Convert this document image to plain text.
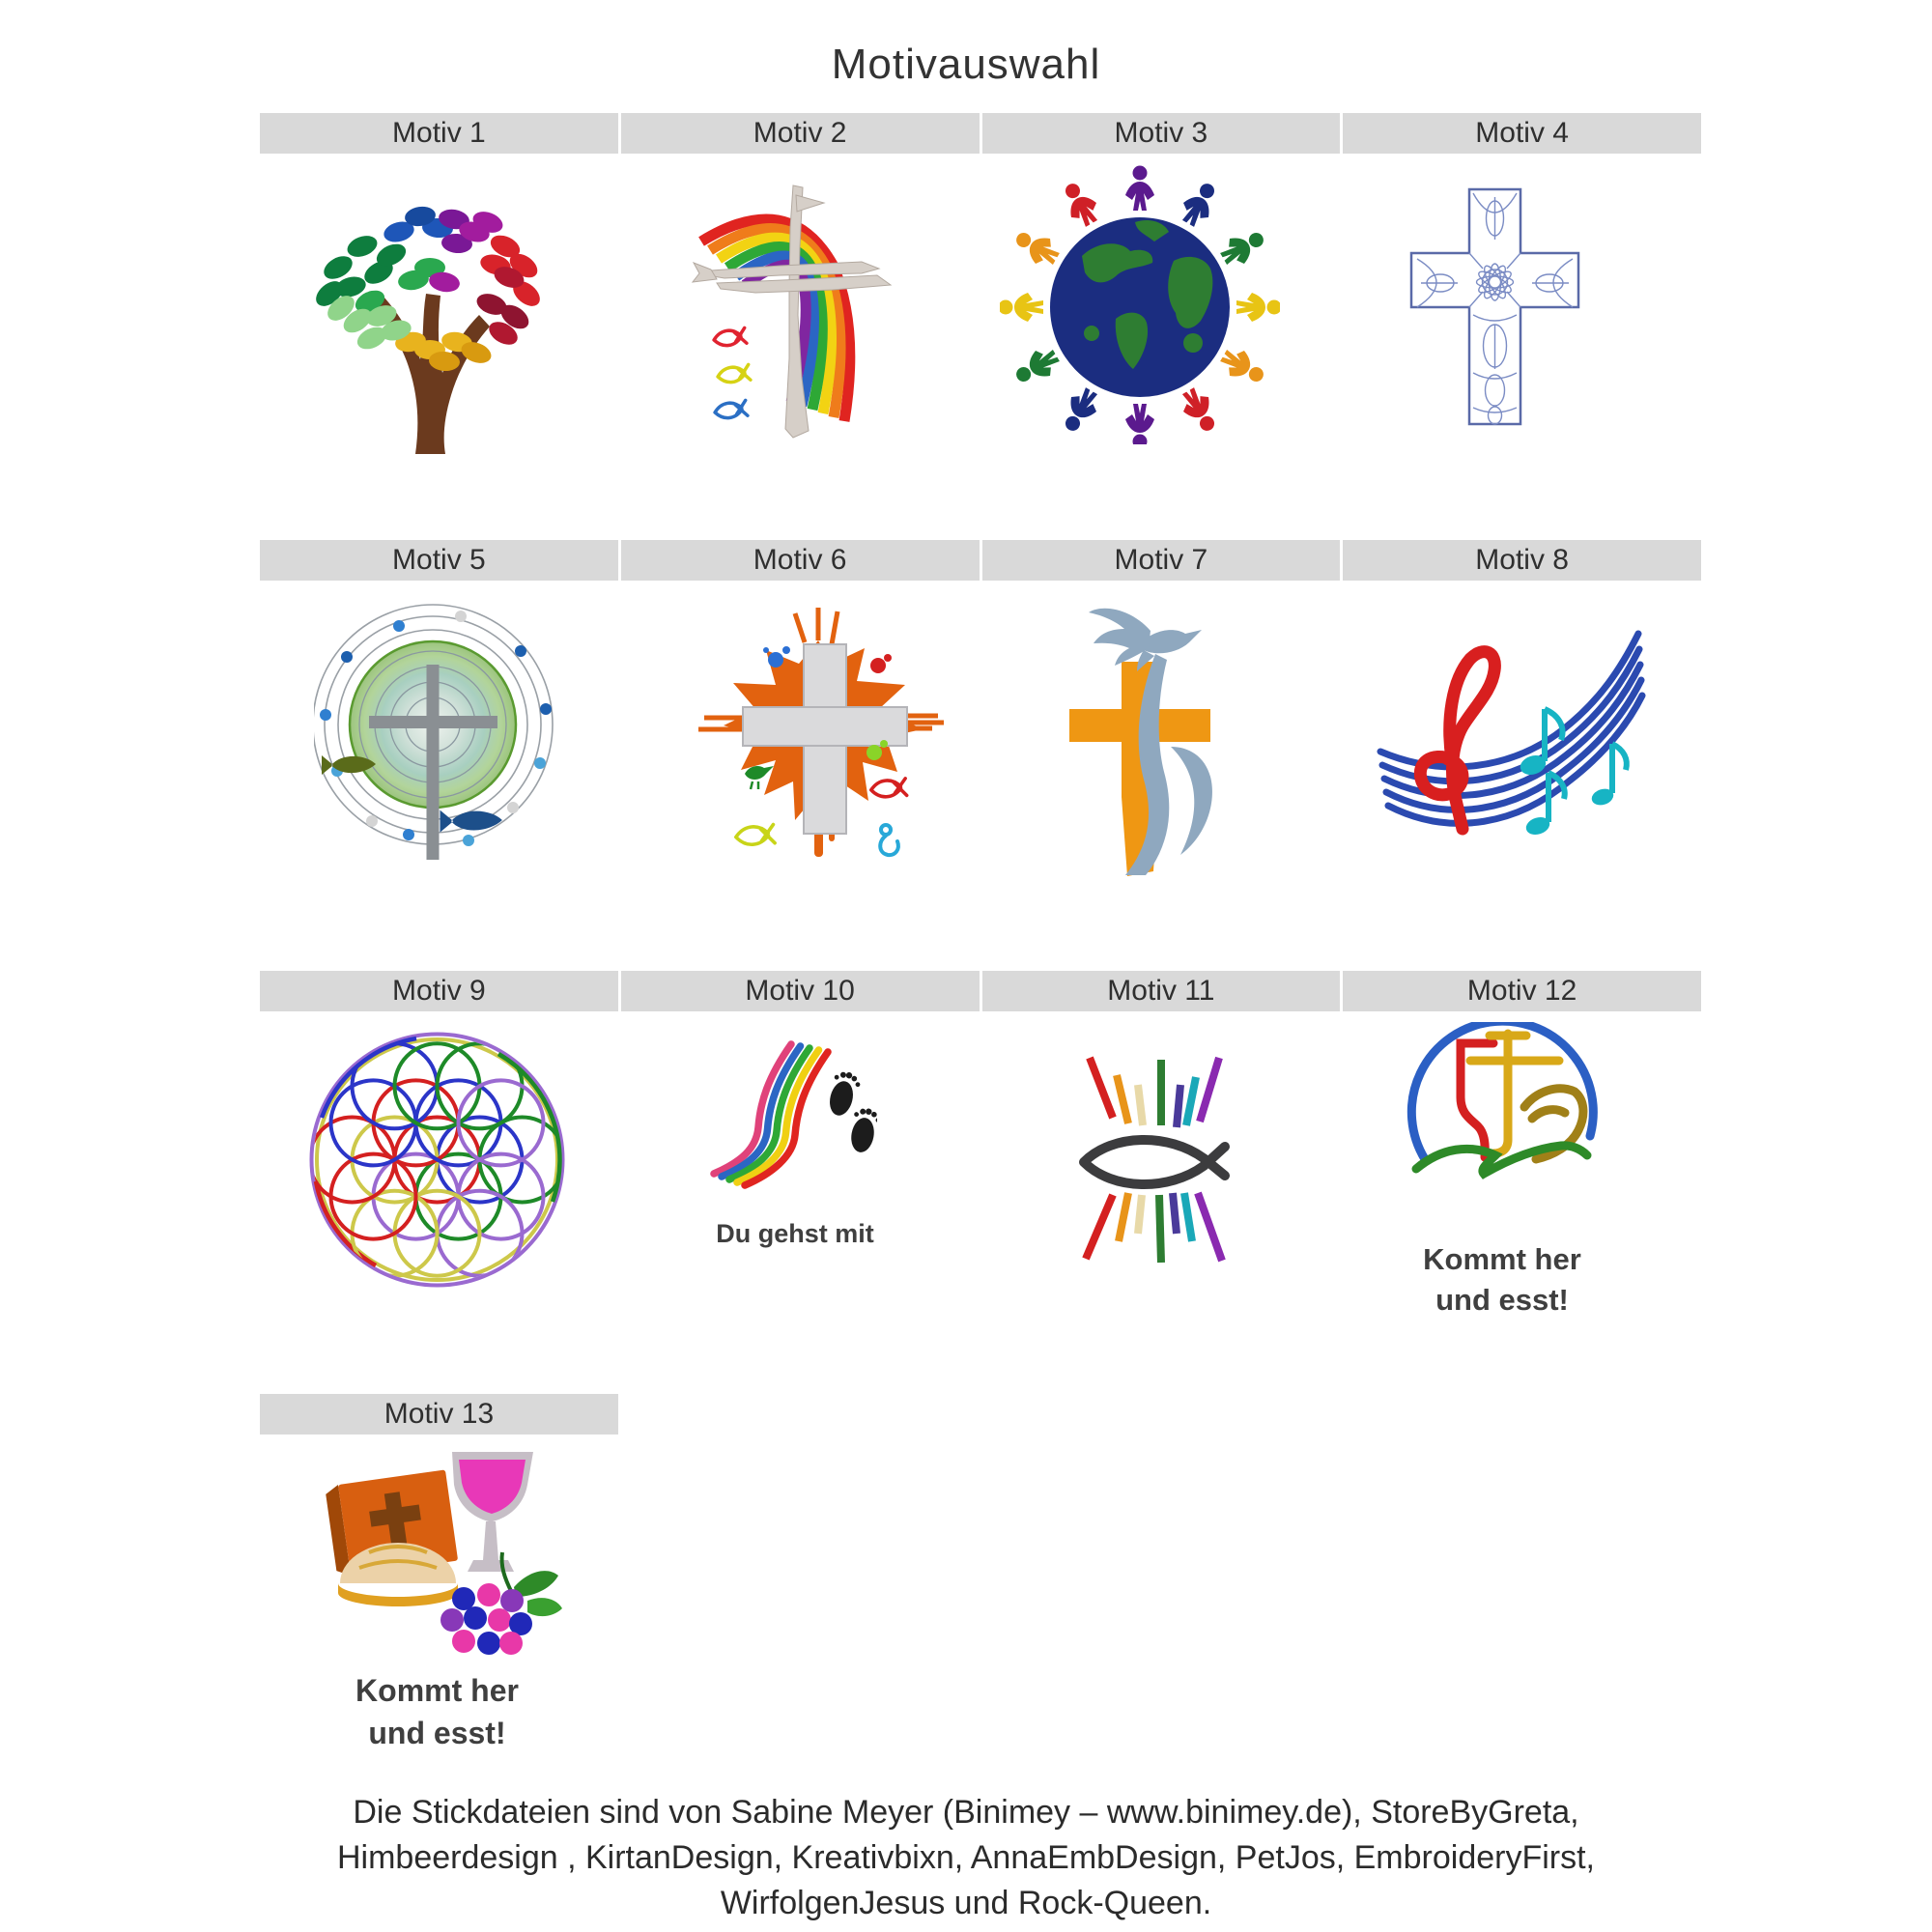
Motivauswahl
Motiv 1	Motiv 2	Motiv 3	Motiv 4
Motiv 5	Motiv 6	Motiv 7	Motiv 8
Motiv 9	Motiv 10	Motiv 11	Motiv 12
Motiv 13
Du gehst mit
Kommt her
und esst!
Kommt her
und esst!
Die Stickdateien sind von Sabine Meyer (Binimey – www.binimey.de), StoreByGreta,
Himbeerdesign , KirtanDesign, Kreativbixn, AnnaEmbDesign, PetJos, EmbroideryFirst,
WirfolgenJesus und Rock-Queen.
